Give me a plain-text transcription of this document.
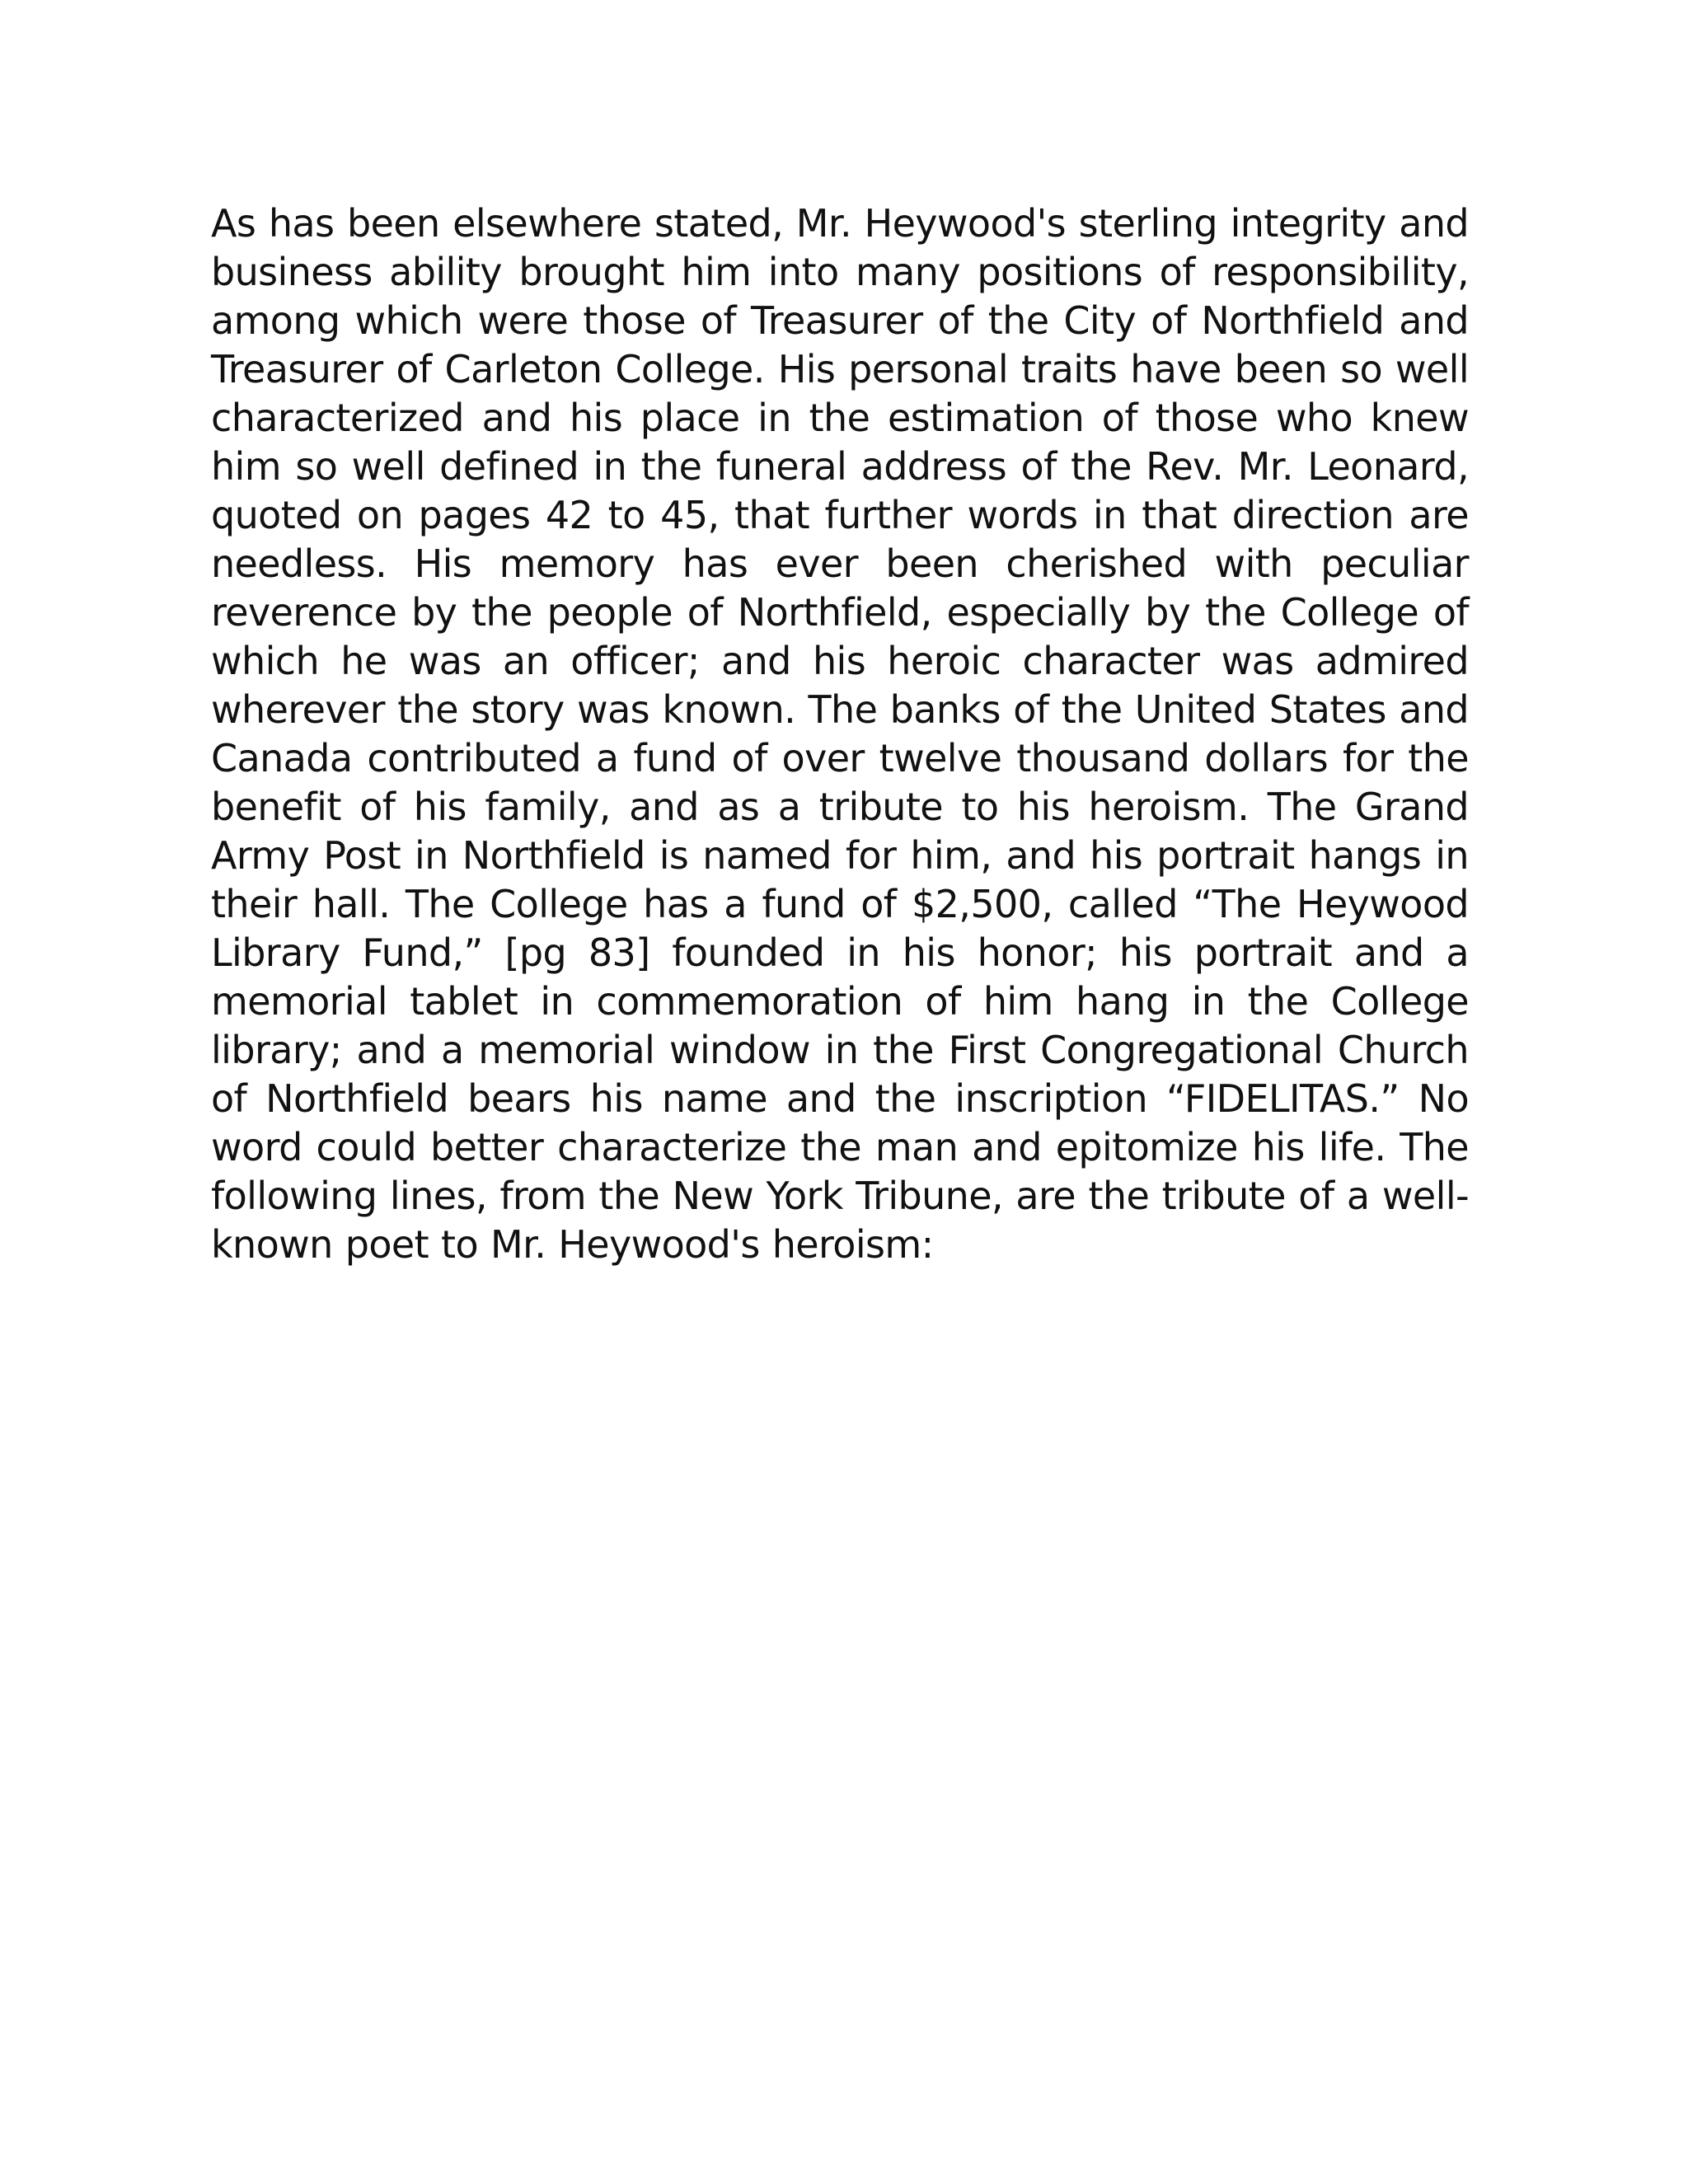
As has been elsewhere stated, Mr. Heywood's sterling integrity and business ability brought him into many positions of responsibility, among which were those of Treasurer of the City of Northfield and Treasurer of Carleton College. His personal traits have been so well characterized and his place in the estimation of those who knew him so well defined in the funeral address of the Rev. Mr. Leonard, quoted on pages 42 to 45, that further words in that direction are needless. His memory has ever been cherished with peculiar reverence by the people of Northfield, especially by the College of which he was an officer; and his heroic character was admired wherever the story was known. The banks of the United States and Canada contributed a fund of over twelve thousand dollars for the benefit of his family, and as a tribute to his heroism. The Grand Army Post in Northfield is named for him, and his portrait hangs in their hall. The College has a fund of $2,500, called “The Heywood Library Fund,” [pg 83] founded in his honor; his portrait and a memorial tablet in commemoration of him hang in the College library; and a memorial window in the First Congregational Church of Northfield bears his name and the inscription “FIDELITAS.” No word could better characterize the man and epitomize his life. The following lines, from the New York Tribune, are the tribute of a well-known poet to Mr. Heywood's heroism:
